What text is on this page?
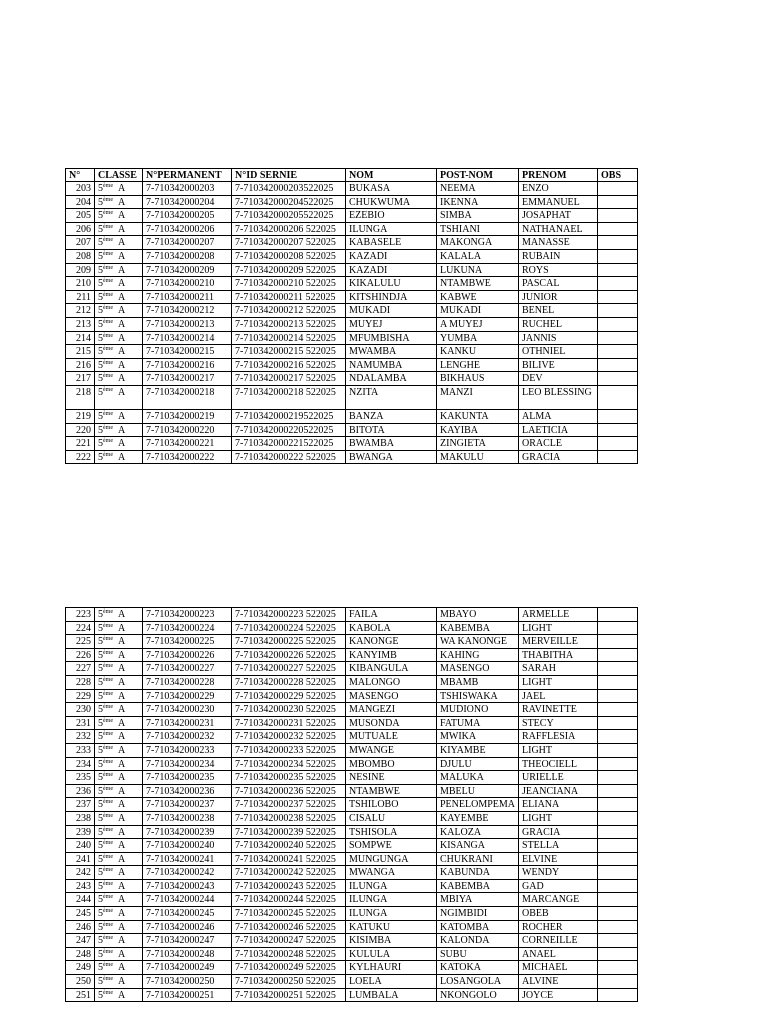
N°	CLASSE	N°PERMANENT	N°ID SERNIE	NOM	POST-NOM	PRENOM	OBS
203	5ème A	7-710342000203	7-710342000203522025	BUKASA	NEEMA	ENZO	
204	5ème A	7-710342000204	7-710342000204522025	CHUKWUMA	IKENNA	EMMANUEL	
205	5ème A	7-710342000205	7-710342000205522025	EZEBIO	SIMBA	JOSAPHAT	
206	5ème A	7-710342000206	7-710342000206 522025	ILUNGA	TSHIANI	NATHANAEL	
207	5ème A	7-710342000207	7-710342000207 522025	KABASELE	MAKONGA	MANASSE	
208	5ème A	7-710342000208	7-710342000208 522025	KAZADI	KALALA	RUBAIN	
209	5ème A	7-710342000209	7-710342000209 522025	KAZADI	LUKUNA	ROYS	
210	5ème A	7-710342000210	7-710342000210 522025	KIKALULU	NTAMBWE	PASCAL	
211	5ème A	7-710342000211	7-710342000211 522025	KITSHINDJA	KABWE	JUNIOR	
212	5ème A	7-710342000212	7-710342000212 522025	MUKADI	MUKADI	BENEL	
213	5ème A	7-710342000213	7-710342000213 522025	MUYEJ	A MUYEJ	RUCHEL	
214	5ème A	7-710342000214	7-710342000214 522025	MFUMBISHA	YUMBA	JANNIS	
215	5ème A	7-710342000215	7-710342000215 522025	MWAMBA	KANKU	OTHNIEL	
216	5ème A	7-710342000216	7-710342000216 522025	NAMUMBA	LENGHE	BILIVE	
217	5ème A	7-710342000217	7-710342000217 522025	NDALAMBA	BIKHAUS	DEV	
218	5ème A	7-710342000218	7-710342000218 522025	NZITA	MANZI	LEO BLESSING	
219	5ème A	7-710342000219	7-710342000219522025	BANZA	KAKUNTA	ALMA	
220	5ème A	7-710342000220	7-710342000220522025	BITOTA	KAYIBA	LAETICIA	
221	5ème A	7-710342000221	7-710342000221522025	BWAMBA	ZINGIETA	ORACLE	
222	5ème A	7-710342000222	7-710342000222 522025	BWANGA	MAKULU	GRACIA	
223	5ème A	7-710342000223	7-710342000223 522025	FAILA	MBAYO	ARMELLE	
224	5ème A	7-710342000224	7-710342000224 522025	KABOLA	KABEMBA	LIGHT	
225	5ème A	7-710342000225	7-710342000225 522025	KANONGE	WA KANONGE	MERVEILLE	
226	5ème A	7-710342000226	7-710342000226 522025	KANYIMB	KAHING	THABITHA	
227	5ème A	7-710342000227	7-710342000227 522025	KIBANGULA	MASENGO	SARAH	
228	5ème A	7-710342000228	7-710342000228 522025	MALONGO	MBAMB	LIGHT	
229	5ème A	7-710342000229	7-710342000229 522025	MASENGO	TSHISWAKA	JAEL	
230	5ème A	7-710342000230	7-710342000230 522025	MANGEZI	MUDIONO	RAVINETTE	
231	5ème A	7-710342000231	7-710342000231 522025	MUSONDA	FATUMA	STECY	
232	5ème A	7-710342000232	7-710342000232 522025	MUTUALE	MWIKA	RAFFLESIA	
233	5ème A	7-710342000233	7-710342000233 522025	MWANGE	KIYAMBE	LIGHT	
234	5ème A	7-710342000234	7-710342000234 522025	MBOMBO	DJULU	THEOCIELL	
235	5ème A	7-710342000235	7-710342000235 522025	NESINE	MALUKA	URIELLE	
236	5ème A	7-710342000236	7-710342000236 522025	NTAMBWE	MBELU	JEANCIANA	
237	5ème A	7-710342000237	7-710342000237 522025	TSHILOBO	PENELOMPEMA	ELIANA	
238	5ème A	7-710342000238	7-710342000238 522025	CISALU	KAYEMBE	LIGHT	
239	5ème A	7-710342000239	7-710342000239 522025	TSHISOLA	KALOZA	GRACIA	
240	5ème A	7-710342000240	7-710342000240 522025	SOMPWE	KISANGA	STELLA	
241	5ème A	7-710342000241	7-710342000241 522025	MUNGUNGA	CHUKRANI	ELVINE	
242	5ème A	7-710342000242	7-710342000242 522025	MWANGA	KABUNDA	WENDY	
243	5ème A	7-710342000243	7-710342000243 522025	ILUNGA	KABEMBA	GAD	
244	5ème A	7-710342000244	7-710342000244 522025	ILUNGA	MBIYA	MARCANGE	
245	5ème A	7-710342000245	7-710342000245 522025	ILUNGA	NGIMBIDI	OBEB	
246	5ème A	7-710342000246	7-710342000246 522025	KATUKU	KATOMBA	ROCHER	
247	5ème A	7-710342000247	7-710342000247 522025	KISIMBA	KALONDA	CORNEILLE	
248	5ème A	7-710342000248	7-710342000248 522025	KULULA	SUBU	ANAEL	
249	5ème A	7-710342000249	7-710342000249 522025	KYLHAURI	KATOKA	MICHAEL	
250	5ème A	7-710342000250	7-710342000250 522025	LOELA	LOSANGOLA	ALVINE	
251	5ème A	7-710342000251	7-710342000251 522025	LUMBALA	NKONGOLO	JOYCE	
